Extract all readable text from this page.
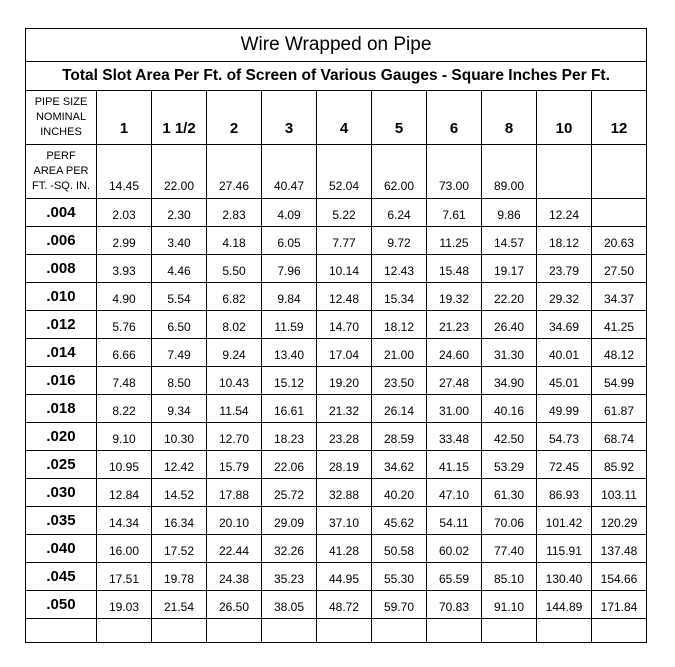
Wire Wrapped on Pipe										
Total Slot Area Per Ft. of Screen of Various Gauges - Square Inches Per Ft.										

PIPE SIZE
NOMINAL
INCHES	1	1 1/2	2	3	4	5	6	8	10	12

PERF
AREA PER
FT. -SQ. IN.	14.45	22.00	27.46	40.47	52.04	62.00	73.00	89.00		
.004	2.03	2.30	2.83	4.09	5.22	6.24	7.61	9.86	12.24	
.006	2.99	3.40	4.18	6.05	7.77	9.72	11.25	14.57	18.12	20.63
.008	3.93	4.46	5.50	7.96	10.14	12.43	15.48	19.17	23.79	27.50
.010	4.90	5.54	6.82	9.84	12.48	15.34	19.32	22.20	29.32	34.37
.012	5.76	6.50	8.02	11.59	14.70	18.12	21.23	26.40	34.69	41.25
.014	6.66	7.49	9.24	13.40	17.04	21.00	24.60	31.30	40.01	48.12
.016	7.48	8.50	10.43	15.12	19.20	23.50	27.48	34.90	45.01	54.99
.018	8.22	9.34	11.54	16.61	21.32	26.14	31.00	40.16	49.99	61.87
.020	9.10	10.30	12.70	18.23	23.28	28.59	33.48	42.50	54.73	68.74
.025	10.95	12.42	15.79	22.06	28.19	34.62	41.15	53.29	72.45	85.92
.030	12.84	14.52	17.88	25.72	32.88	40.20	47.10	61.30	86.93	103.11
.035	14.34	16.34	20.10	29.09	37.10	45.62	54.11	70.06	101.42	120.29
.040	16.00	17.52	22.44	32.26	41.28	50.58	60.02	77.40	115.91	137.48
.045	17.51	19.78	24.38	35.23	44.95	55.30	65.59	85.10	130.40	154.66
.050	19.03	21.54	26.50	38.05	48.72	59.70	70.83	91.10	144.89	171.84
